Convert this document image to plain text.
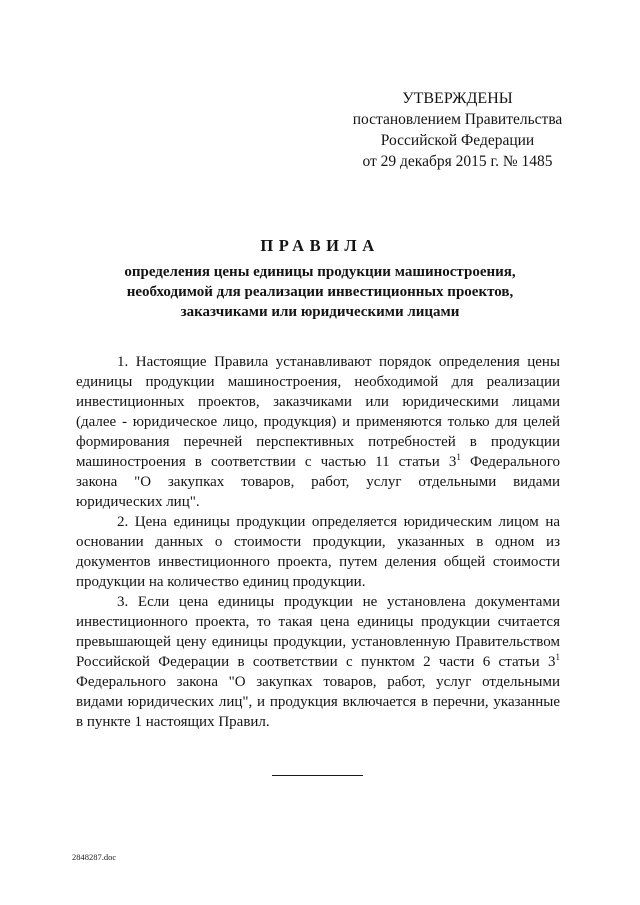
УТВЕРЖДЕНЫ
постановлением Правительства
Российской Федерации
от 29 декабря 2015 г. № 1485
ПРАВИЛА
определения цены единицы продукции машиностроения,
необходимой для реализации инвестиционных проектов,
заказчиками или юридическими лицами
1. Настоящие Правила устанавливают порядок определения цены
единицы продукции машиностроения, необходимой для реализации
инвестиционных проектов, заказчиками или юридическими лицами
(далее - юридическое лицо, продукция) и применяются только для целей
формирования перечней перспективных потребностей в продукции
машиностроения в соответствии с частью 11 статьи $3^1$ Федерального
закона "О закупках товаров, работ, услуг отдельными видами
юридических лиц".
2. Цена единицы продукции определяется юридическим лицом на
основании данных о стоимости продукции, указанных в одном из
документов инвестиционного проекта, путем деления общей стоимости
продукции на количество единиц продукции.
3. Если цена единицы продукции не установлена документами
инвестиционного проекта, то такая цена единицы продукции считается
превышающей цену единицы продукции, установленную Правительством
Российской Федерации в соответствии с пунктом 2 части 6 статьи $3^1$
Федерального закона "О закупках товаров, работ, услуг отдельными
видами юридических лиц", и продукция включается в перечни, указанные
в пункте 1 настоящих Правил.
2848287.doc
